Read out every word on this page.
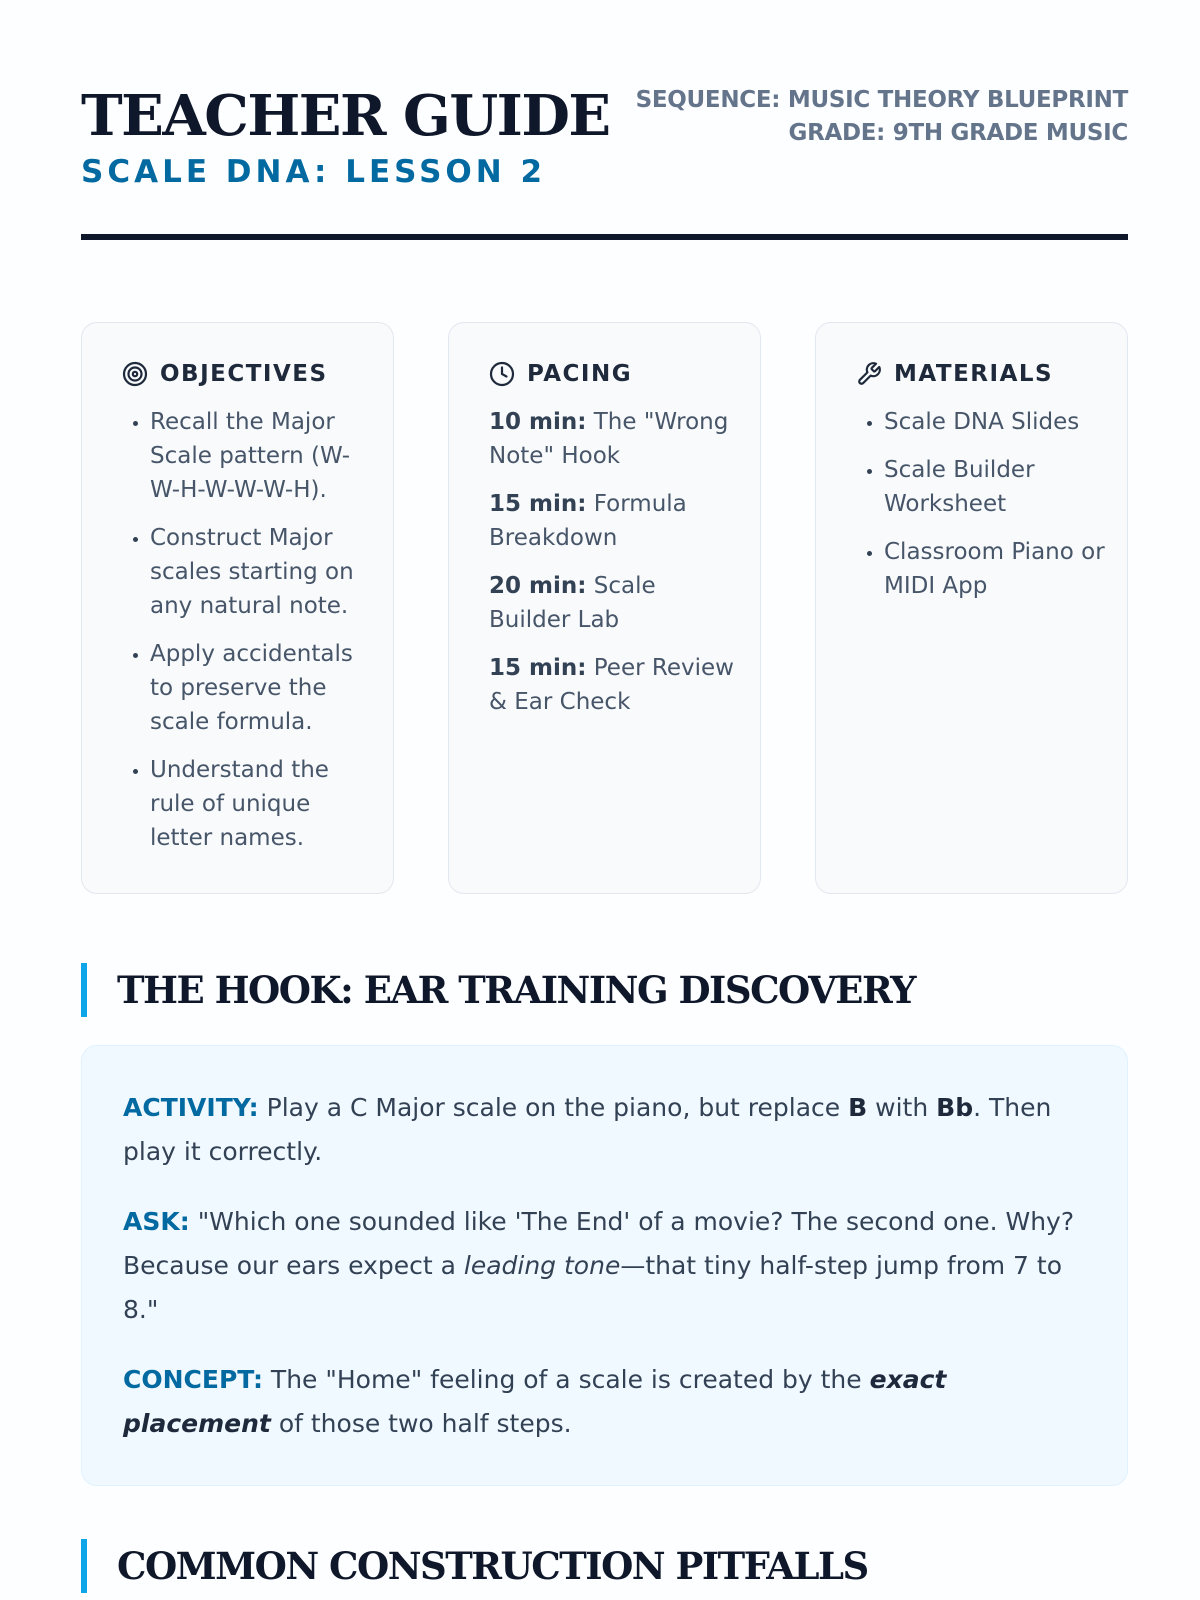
TEACHER GUIDE
SCALE DNA: LESSON 2
SEQUENCE: MUSIC THEORY BLUEPRINT
GRADE: 9TH GRADE MUSIC
OBJECTIVES
• Recall the Major Scale pattern (W-W-H-W-W-W-H).
• Construct Major scales starting on any natural note.
• Apply accidentals to preserve the scale formula.
• Understand the rule of unique letter names.
PACING
10 min: The "Wrong Note" Hook
15 min: Formula Breakdown
20 min: Scale Builder Lab
15 min: Peer Review & Ear Check
MATERIALS
• Scale DNA Slides
• Scale Builder Worksheet
• Classroom Piano or MIDI App
THE HOOK: EAR TRAINING DISCOVERY

ACTIVITY: Play a C Major scale on the piano, but replace B with Bb. Then play it correctly.

ASK: "Which one sounded like 'The End' of a movie? The second one. Why? Because our ears expect a leading tone—that tiny half-step jump from 7 to 8."

CONCEPT: The "Home" feeling of a scale is created by the exact placement of those two half steps.

COMMON CONSTRUCTION PITFALLS
